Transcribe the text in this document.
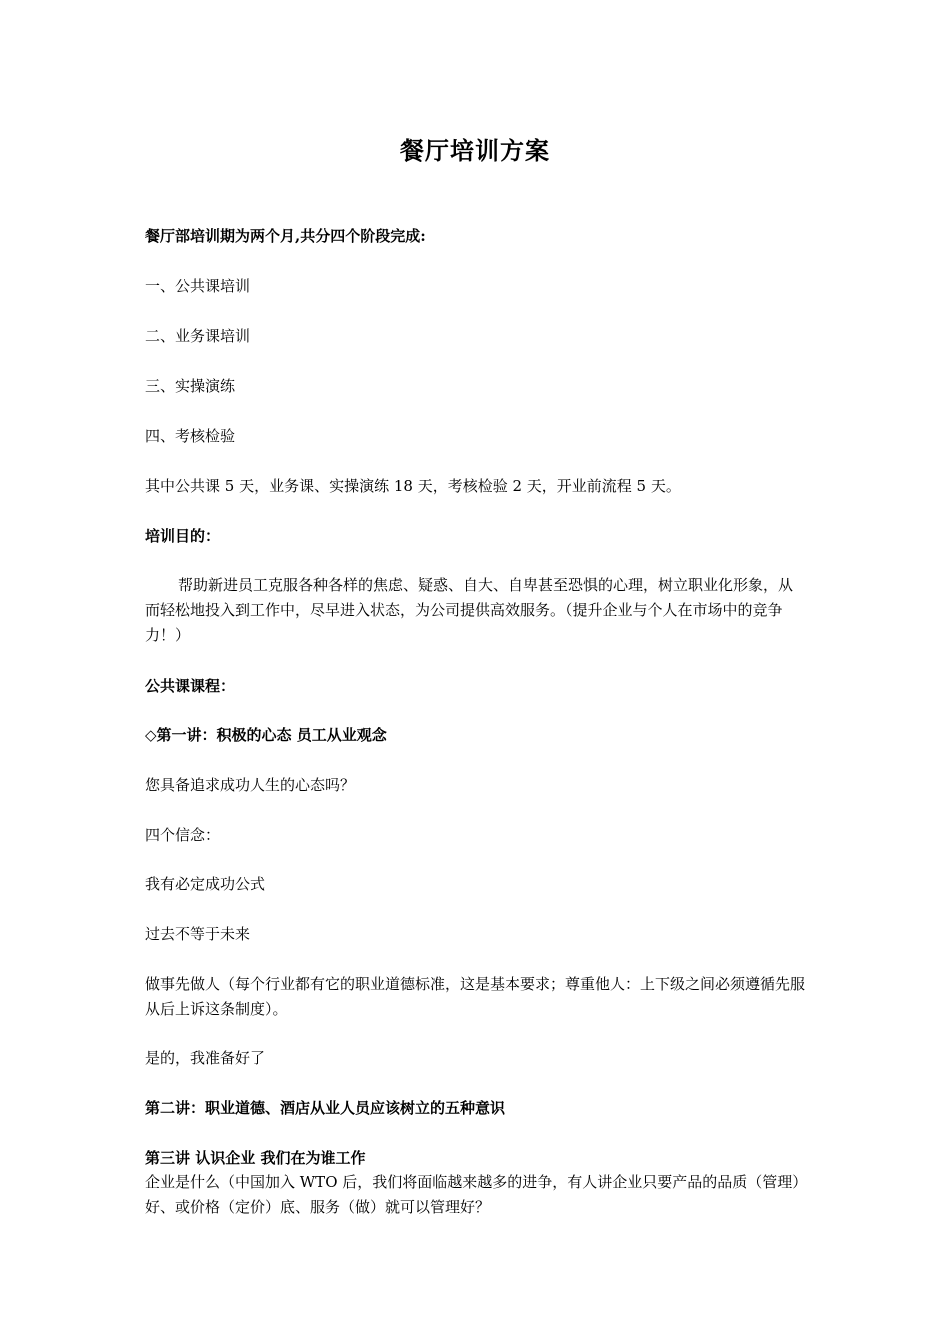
餐厅培训方案
餐厅部培训期为两个月,共分四个阶段完成:
一、公共课培训
二、业务课培训
三、实操演练
四、考核检验
其中公共课 5 天，业务课、实操演练 18 天，考核检验 2 天，开业前流程 5 天。
培训目的：
帮助新进员工克服各种各样的焦虑、疑惑、自大、自卑甚至恐惧的心理，树立职业化形象，从而轻松地投入到工作中，尽早进入状态，为公司提供高效服务。（提升企业与个人在市场中的竞争力！）
公共课课程：
◇第一讲：积极的心态 员工从业观念
您具备追求成功人生的心态吗？
四个信念：
我有必定成功公式
过去不等于未来
做事先做人（每个行业都有它的职业道德标准，这是基本要求；尊重他人：上下级之间必须遵循先服从后上诉这条制度）。
是的，我准备好了
第二讲：职业道德、酒店从业人员应该树立的五种意识
第三讲 认识企业 我们在为谁工作
企业是什么（中国加入 WTO 后，我们将面临越来越多的进争，有人讲企业只要产品的品质（管理）好、或价格（定价）底、服务（做）就可以管理好？
